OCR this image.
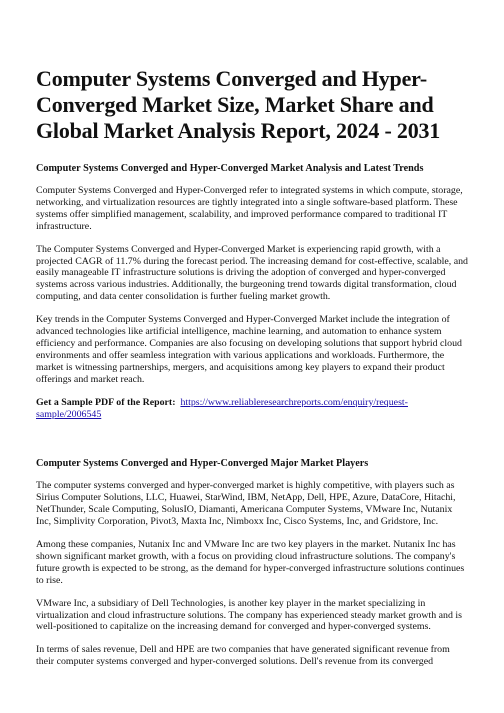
Computer Systems Converged and Hyper-Converged Market Size, Market Share and Global Market Analysis Report, 2024 - 2031
Computer Systems Converged and Hyper-Converged Market Analysis and Latest Trends

Computer Systems Converged and Hyper-Converged refer to integrated systems in which compute, storage, networking, and virtualization resources are tightly integrated into a single software-based platform. These systems offer simplified management, scalability, and improved performance compared to traditional IT infrastructure.

The Computer Systems Converged and Hyper-Converged Market is experiencing rapid growth, with a projected CAGR of 11.7% during the forecast period. The increasing demand for cost-effective, scalable, and easily manageable IT infrastructure solutions is driving the adoption of converged and hyper-converged systems across various industries. Additionally, the burgeoning trend towards digital transformation, cloud computing, and data center consolidation is further fueling market growth.

Key trends in the Computer Systems Converged and Hyper-Converged Market include the integration of advanced technologies like artificial intelligence, machine learning, and automation to enhance system efficiency and performance. Companies are also focusing on developing solutions that support hybrid cloud environments and offer seamless integration with various applications and workloads. Furthermore, the market is witnessing partnerships, mergers, and acquisitions among key players to expand their product offerings and market reach.

Get a Sample PDF of the Report: https://www.reliableresearchreports.com/enquiry/request-sample/2006545

Computer Systems Converged and Hyper-Converged Major Market Players

The computer systems converged and hyper-converged market is highly competitive, with players such as Sirius Computer Solutions, LLC, Huawei, StarWind, IBM, NetApp, Dell, HPE, Azure, DataCore, Hitachi, NetThunder, Scale Computing, SolusIO, Diamanti, Americana Computer Systems, VMware Inc, Nutanix Inc, Simplivity Corporation, Pivot3, Maxta Inc, Nimboxx Inc, Cisco Systems, Inc, and Gridstore, Inc.

Among these companies, Nutanix Inc and VMware Inc are two key players in the market. Nutanix Inc has shown significant market growth, with a focus on providing cloud infrastructure solutions. The company's future growth is expected to be strong, as the demand for hyper-converged infrastructure solutions continues to rise.

VMware Inc, a subsidiary of Dell Technologies, is another key player in the market specializing in virtualization and cloud infrastructure solutions. The company has experienced steady market growth and is well-positioned to capitalize on the increasing demand for converged and hyper-converged systems.

In terms of sales revenue, Dell and HPE are two companies that have generated significant revenue from their computer systems converged and hyper-converged solutions. Dell's revenue from its converged
